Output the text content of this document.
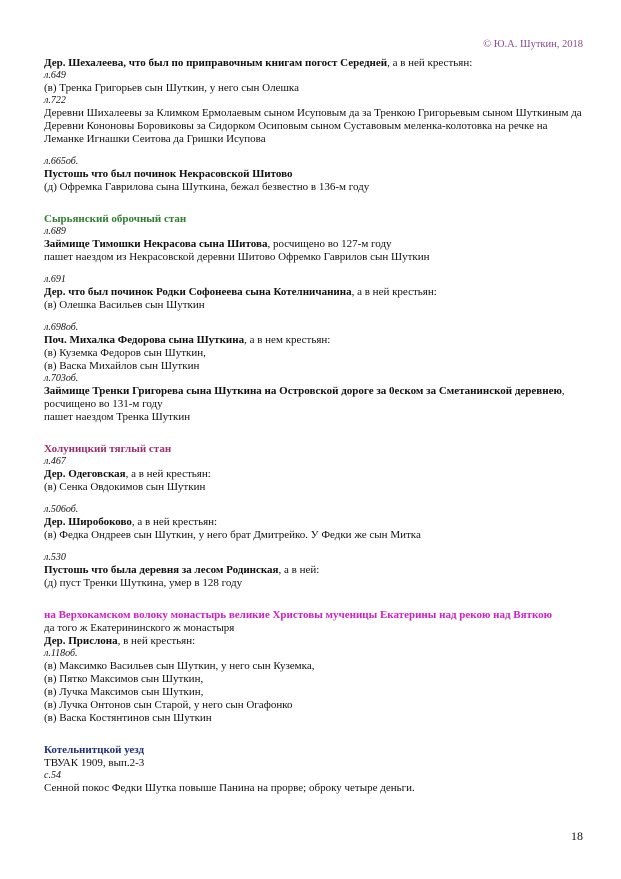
© Ю.А. Шуткин, 2018
Дер. Шехалеева, что был по приправочным книгам погост Середней, а в ней крестьян:
л.649
(в) Тренка Григорьев сын Шуткин, у него сын Олешка
л.722
Деревни Шихалеевы за Климком Ермолаевым сыном Исуповым да за Тренкою Григорьевым сыном Шуткиным да Деревни Кононовы Боровиковы за Сидорком Осиповым сыном Суставовым меленка-колотовка на речке на Леманке Игнашки Сеитова да Гришки Исупова
л.665об.
Пустошь что был починок Некрасовской Шитово
(д) Офремка Гаврилова сына Шуткина, бежал безвестно в 136-м году
Сырьянский оброчный стан
л.689
Займище Тимошки Некрасова сына Шитова, росчищено во 127-м году
пашет наездом из Некрасовской деревни Шитово Офремко Гаврилов сын Шуткин
л.691
Дер. что был починок Родки Софонеева сына Котелничанина, а в ней крестьян:
(в) Олешка Васильев сын Шуткин
л.698об.
Поч. Михалка Федорова сына Шуткина, а в нем крестьян:
(в) Куземка Федоров сын Шуткин,
(в) Васка Михайлов сын Шуткин
л.703об.
Займище Тренки Григорева сына Шуткина на Островской дороге за 0еском за Сметанинской деревнею, росчищено во 131-м году
пашет наездом Тренка Шуткин
Холуницкий тяглый стан
л.467
Дер. Одеговская, а в ней крестьян:
(в) Сенка Овдокимов сын Шуткин
л.506об.
Дер. Широбоково, а в ней крестьян:
(в) Федка Ондреев сын Шуткин, у него брат Дмитрейко. У Федки же сын Митка
л.530
Пустошь что была деревня за лесом Родинская, а в ней:
(д) пуст Тренки Шуткина, умер в 128 году
на Верхокамском волоку монастырь великие Христовы мученицы Екатерины над рекою над Вяткою
да того ж Екатерининского ж монастыря
Дер. Прислона, в ней крестьян:
л.118об.
(в) Максимко Васильев сын Шуткин, у него сын Куземка,
(в) Пятко Максимов сын Шуткин,
(в) Лучка Максимов сын Шуткин,
(в) Лучка Онтонов сын Старой, у него сын Огафонко
(в) Васка Костянтинов сын Шуткин
Котельнитцкой уезд
ТВУАК 1909, вып.2-3
с.54
Сенной покос Федки Шутка повыше Панина на прорве; оброку четыре деньги.
18
